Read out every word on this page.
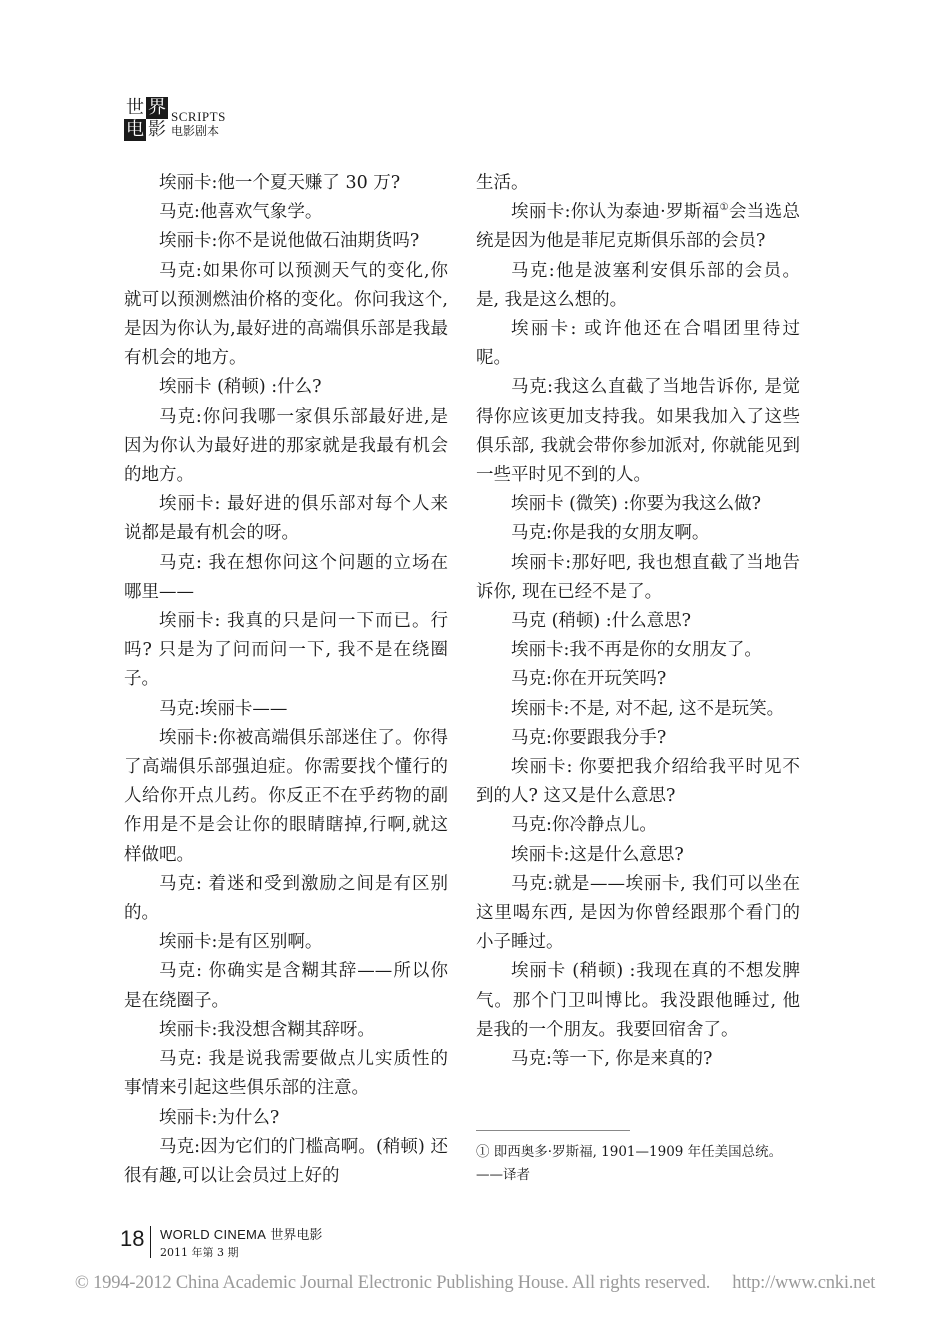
世 界
电 影
SCRIPTS
电影剧本

埃丽卡:他一个夏天赚了 30 万?

马克:他喜欢气象学。

埃丽卡:你不是说他做石油期货吗?

马克:如果你可以预测天气的变化,你就可以预测燃油价格的变化。你问我这个,是因为你认为,最好进的高端俱乐部是我最有机会的地方。

埃丽卡 (稍顿) :什么?

马克:你问我哪一家俱乐部最好进,是因为你认为最好进的那家就是我最有机会的地方。

埃丽卡: 最好进的俱乐部对每个人来说都是最有机会的呀。

马克: 我在想你问这个问题的立场在哪里——

埃丽卡: 我真的只是问一下而已。行吗? 只是为了问而问一下, 我不是在绕圈子。

马克:埃丽卡——

埃丽卡:你被高端俱乐部迷住了。你得了高端俱乐部强迫症。你需要找个懂行的人给你开点儿药。你反正不在乎药物的副作用是不是会让你的眼睛瞎掉,行啊,就这样做吧。

马克: 着迷和受到激励之间是有区别的。

埃丽卡:是有区别啊。

马克: 你确实是含糊其辞——所以你是在绕圈子。

埃丽卡:我没想含糊其辞呀。

马克: 我是说我需要做点儿实质性的事情来引起这些俱乐部的注意。

埃丽卡:为什么?

马克:因为它们的门槛高啊。(稍顿) 还很有趣,可以让会员过上好的

生活。

埃丽卡:你认为泰迪·罗斯福①会当选总统是因为他是菲尼克斯俱乐部的会员?

马克:他是波塞利安俱乐部的会员。是, 我是这么想的。

埃丽卡: 或许他还在合唱团里待过呢。

马克:我这么直截了当地告诉你, 是觉得你应该更加支持我。如果我加入了这些俱乐部, 我就会带你参加派对, 你就能见到一些平时见不到的人。

埃丽卡 (微笑) :你要为我这么做?

马克:你是我的女朋友啊。

埃丽卡:那好吧, 我也想直截了当地告诉你, 现在已经不是了。

马克 (稍顿) :什么意思?

埃丽卡:我不再是你的女朋友了。

马克:你在开玩笑吗?

埃丽卡:不是, 对不起, 这不是玩笑。

马克:你要跟我分手?

埃丽卡: 你要把我介绍给我平时见不到的人? 这又是什么意思?

马克:你冷静点儿。

埃丽卡:这是什么意思?

马克:就是——埃丽卡, 我们可以坐在这里喝东西, 是因为你曾经跟那个看门的小子睡过。

埃丽卡 (稍顿) :我现在真的不想发脾气。那个门卫叫博比。我没跟他睡过, 他是我的一个朋友。我要回宿舍了。

马克:等一下, 你是来真的?

① 即西奥多·罗斯福, 1901—1909 年任美国总统。——译者

18 WORLD CINEMA 世界电影
2011 年第 3 期
© 1994-2012 China Academic Journal Electronic Publishing House. All rights reserved. http://www.cnki.net
